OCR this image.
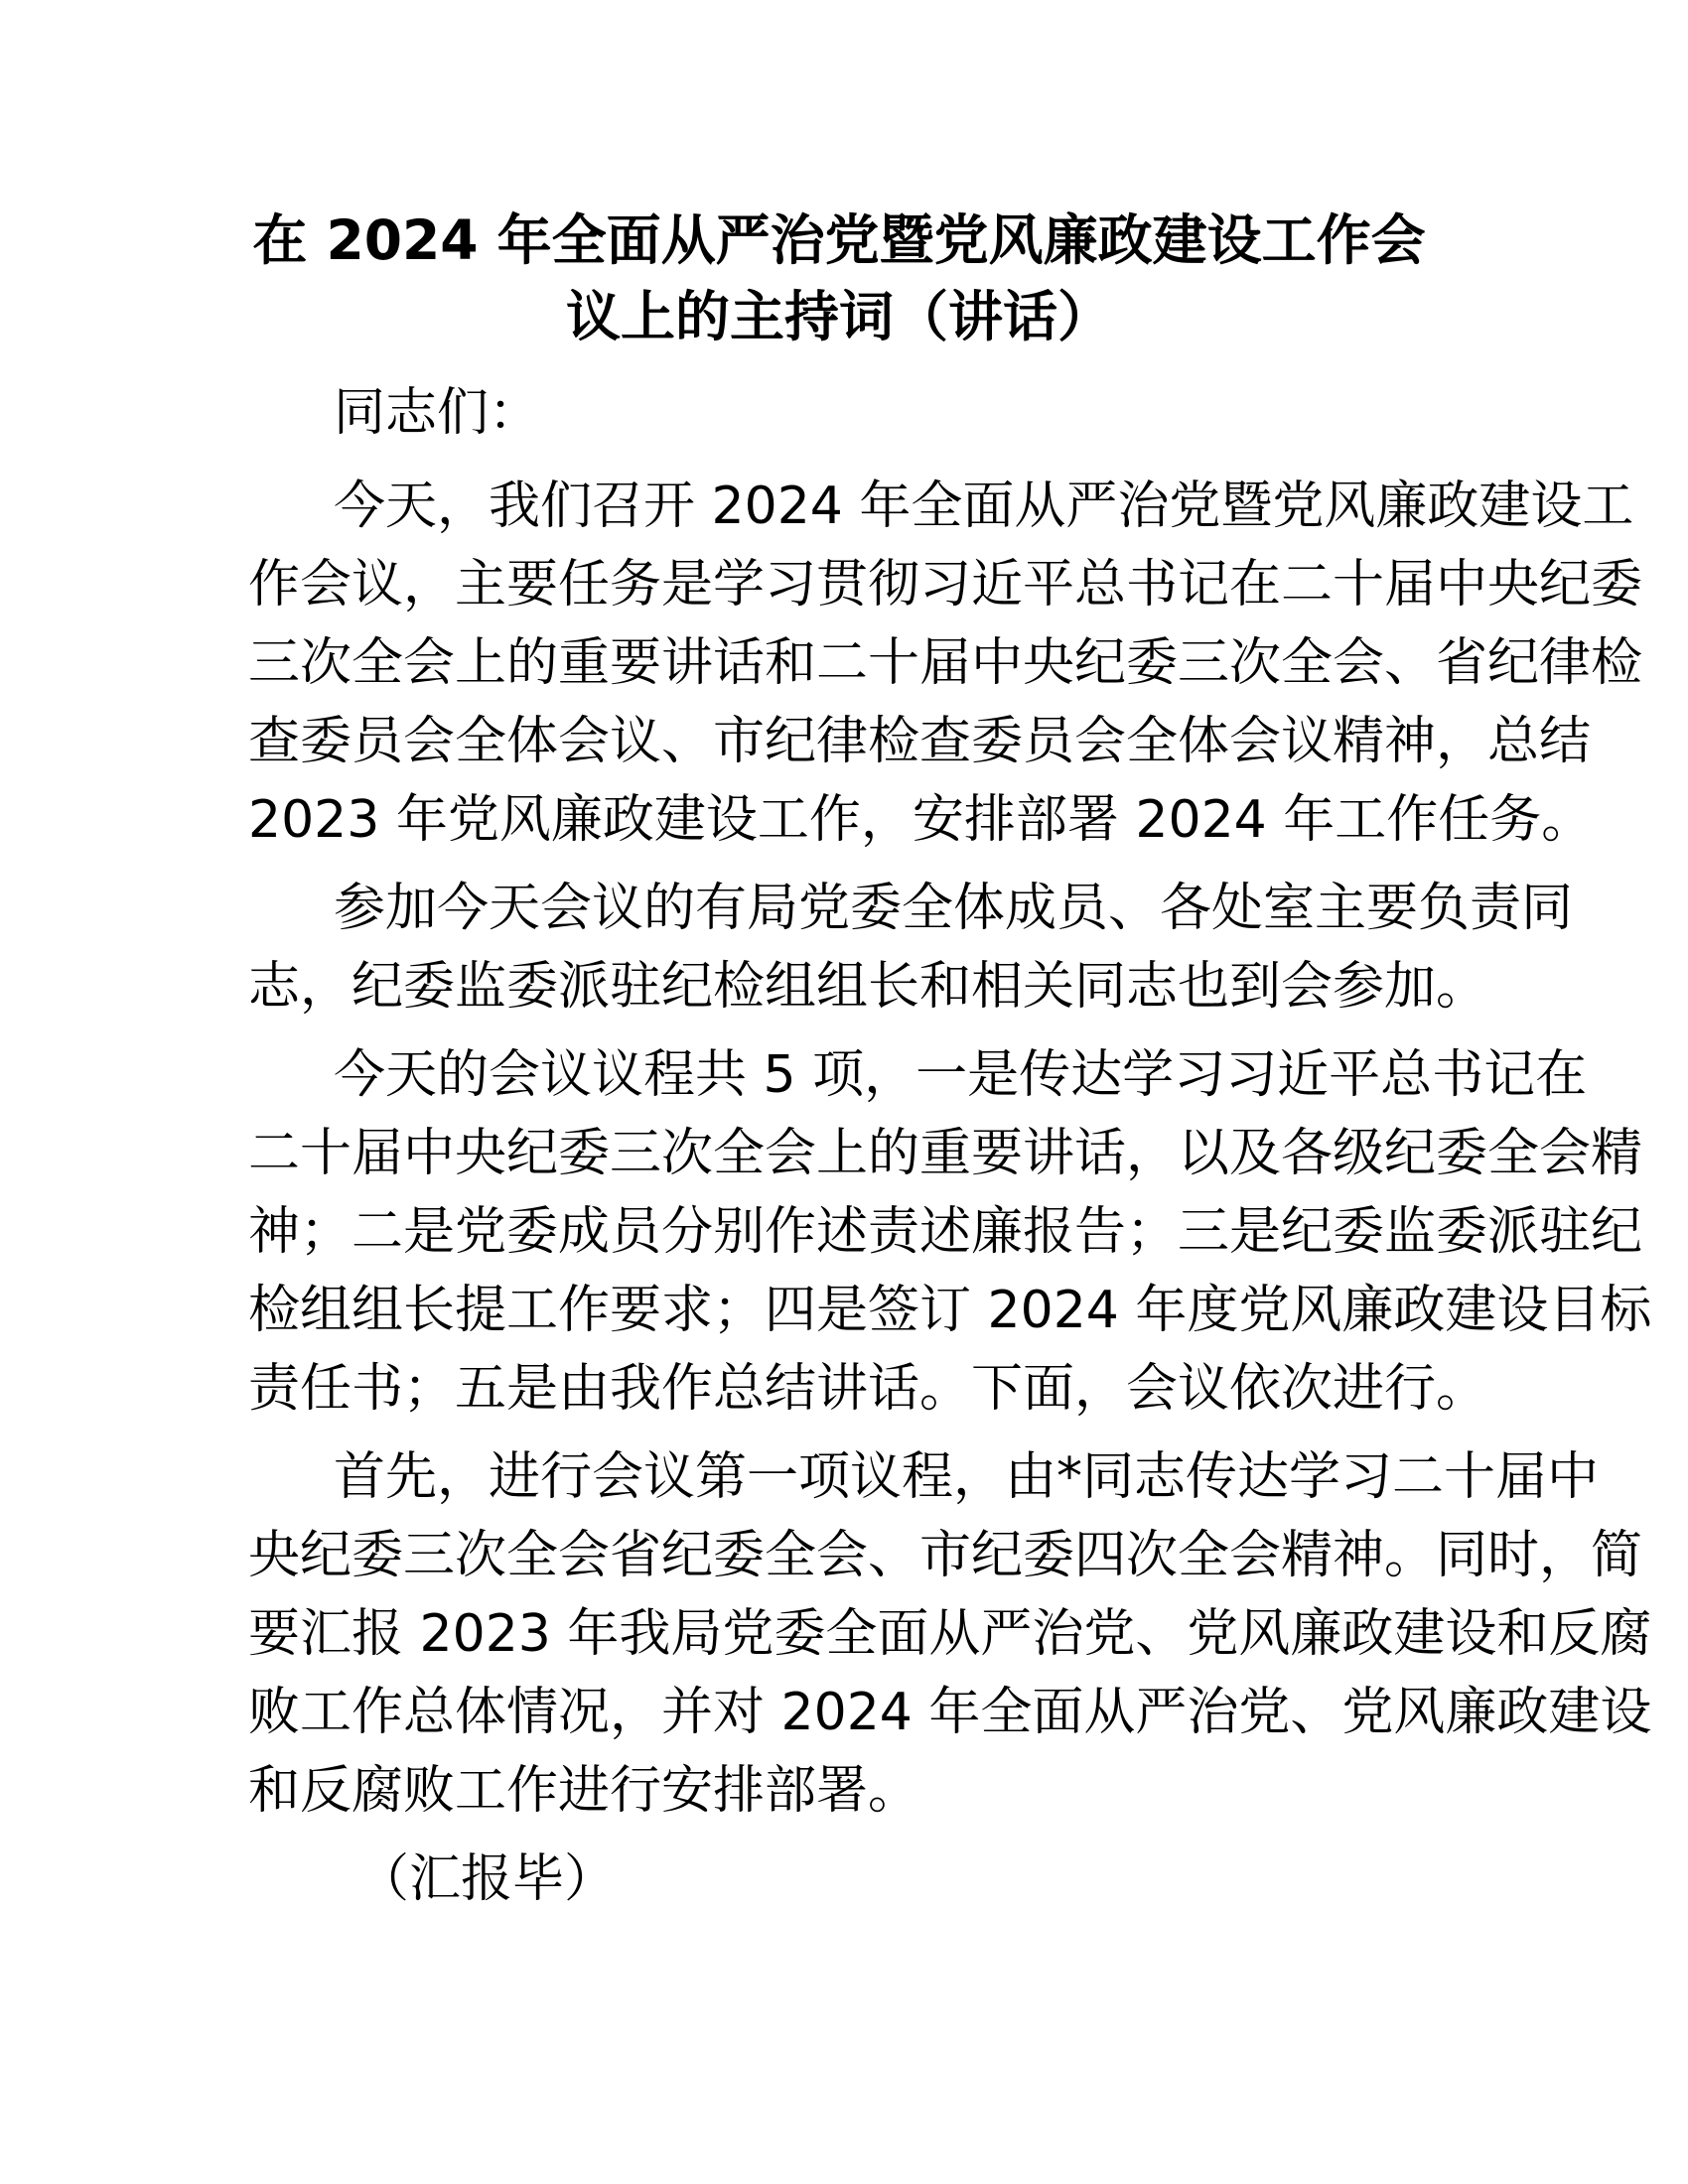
在 2024 年全面从严治党暨党风廉政建设工作会
议上的主持词（讲话）
同志们：
今天，我们召开 2024 年全面从严治党暨党风廉政建设工
作会议，主要任务是学习贯彻习近平总书记在二十届中央纪委
三次全会上的重要讲话和二十届中央纪委三次全会、省纪律检
查委员会全体会议、市纪律检查委员会全体会议精神，总结
2023 年党风廉政建设工作，安排部署 2024 年工作任务。
参加今天会议的有局党委全体成员、各处室主要负责同
志，纪委监委派驻纪检组组长和相关同志也到会参加。
今天的会议议程共 5 项，一是传达学习习近平总书记在
二十届中央纪委三次全会上的重要讲话，以及各级纪委全会精
神；二是党委成员分别作述责述廉报告；三是纪委监委派驻纪
检组组长提工作要求；四是签订 2024 年度党风廉政建设目标
责任书；五是由我作总结讲话。下面，会议依次进行。
首先，进行会议第一项议程，由*同志传达学习二十届中
央纪委三次全会省纪委全会、市纪委四次全会精神。同时，简
要汇报 2023 年我局党委全面从严治党、党风廉政建设和反腐
败工作总体情况，并对 2024 年全面从严治党、党风廉政建设
和反腐败工作进行安排部署。
（汇报毕）
